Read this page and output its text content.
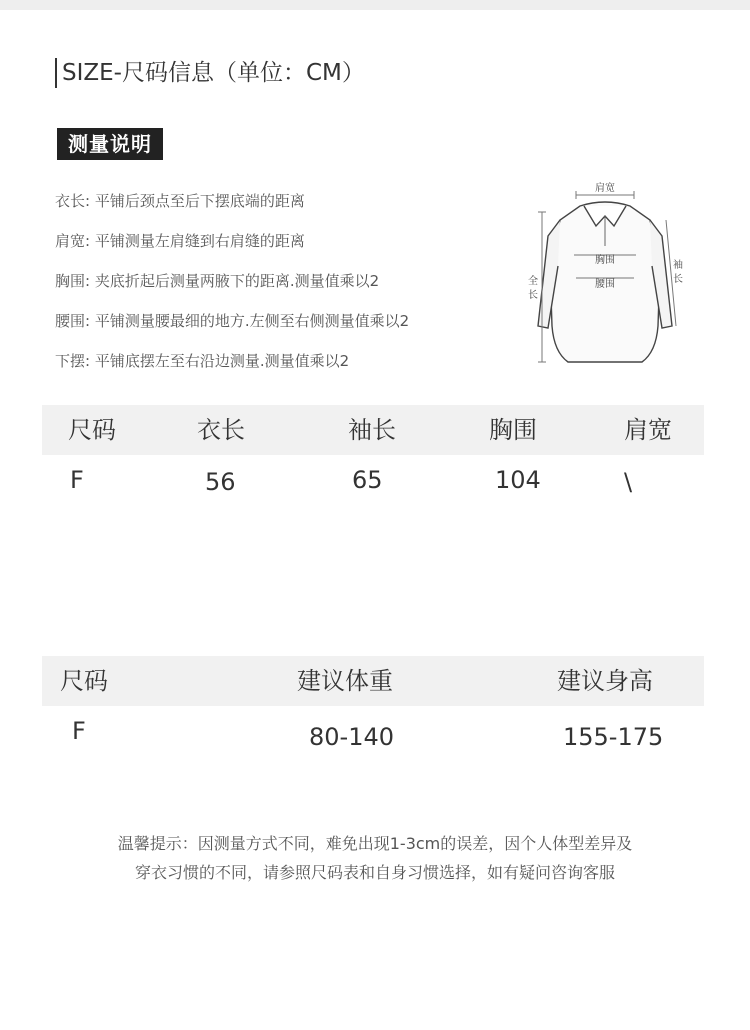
SIZE-尺码信息（单位：CM）
测量说明
衣长: 平铺后颈点至后下摆底端的距离
肩宽: 平铺测量左肩缝到右肩缝的距离
胸围: 夹底折起后测量两腋下的距离.测量值乘以2
腰围: 平铺测量腰最细的地方.左侧至右侧测量值乘以2
下摆: 平铺底摆左至右沿边测量.测量值乘以2
肩宽
胸围
腰围
全
长
袖
长
尺码	衣长	袖长	胸围	肩宽
F	56	65	104	\
尺码	建议体重	建议身高
F	80-140	155-175
温馨提示：因测量方式不同，难免出现1-3cm的误差，因个人体型差异及
穿衣习惯的不同，请参照尺码表和自身习惯选择，如有疑问咨询客服
